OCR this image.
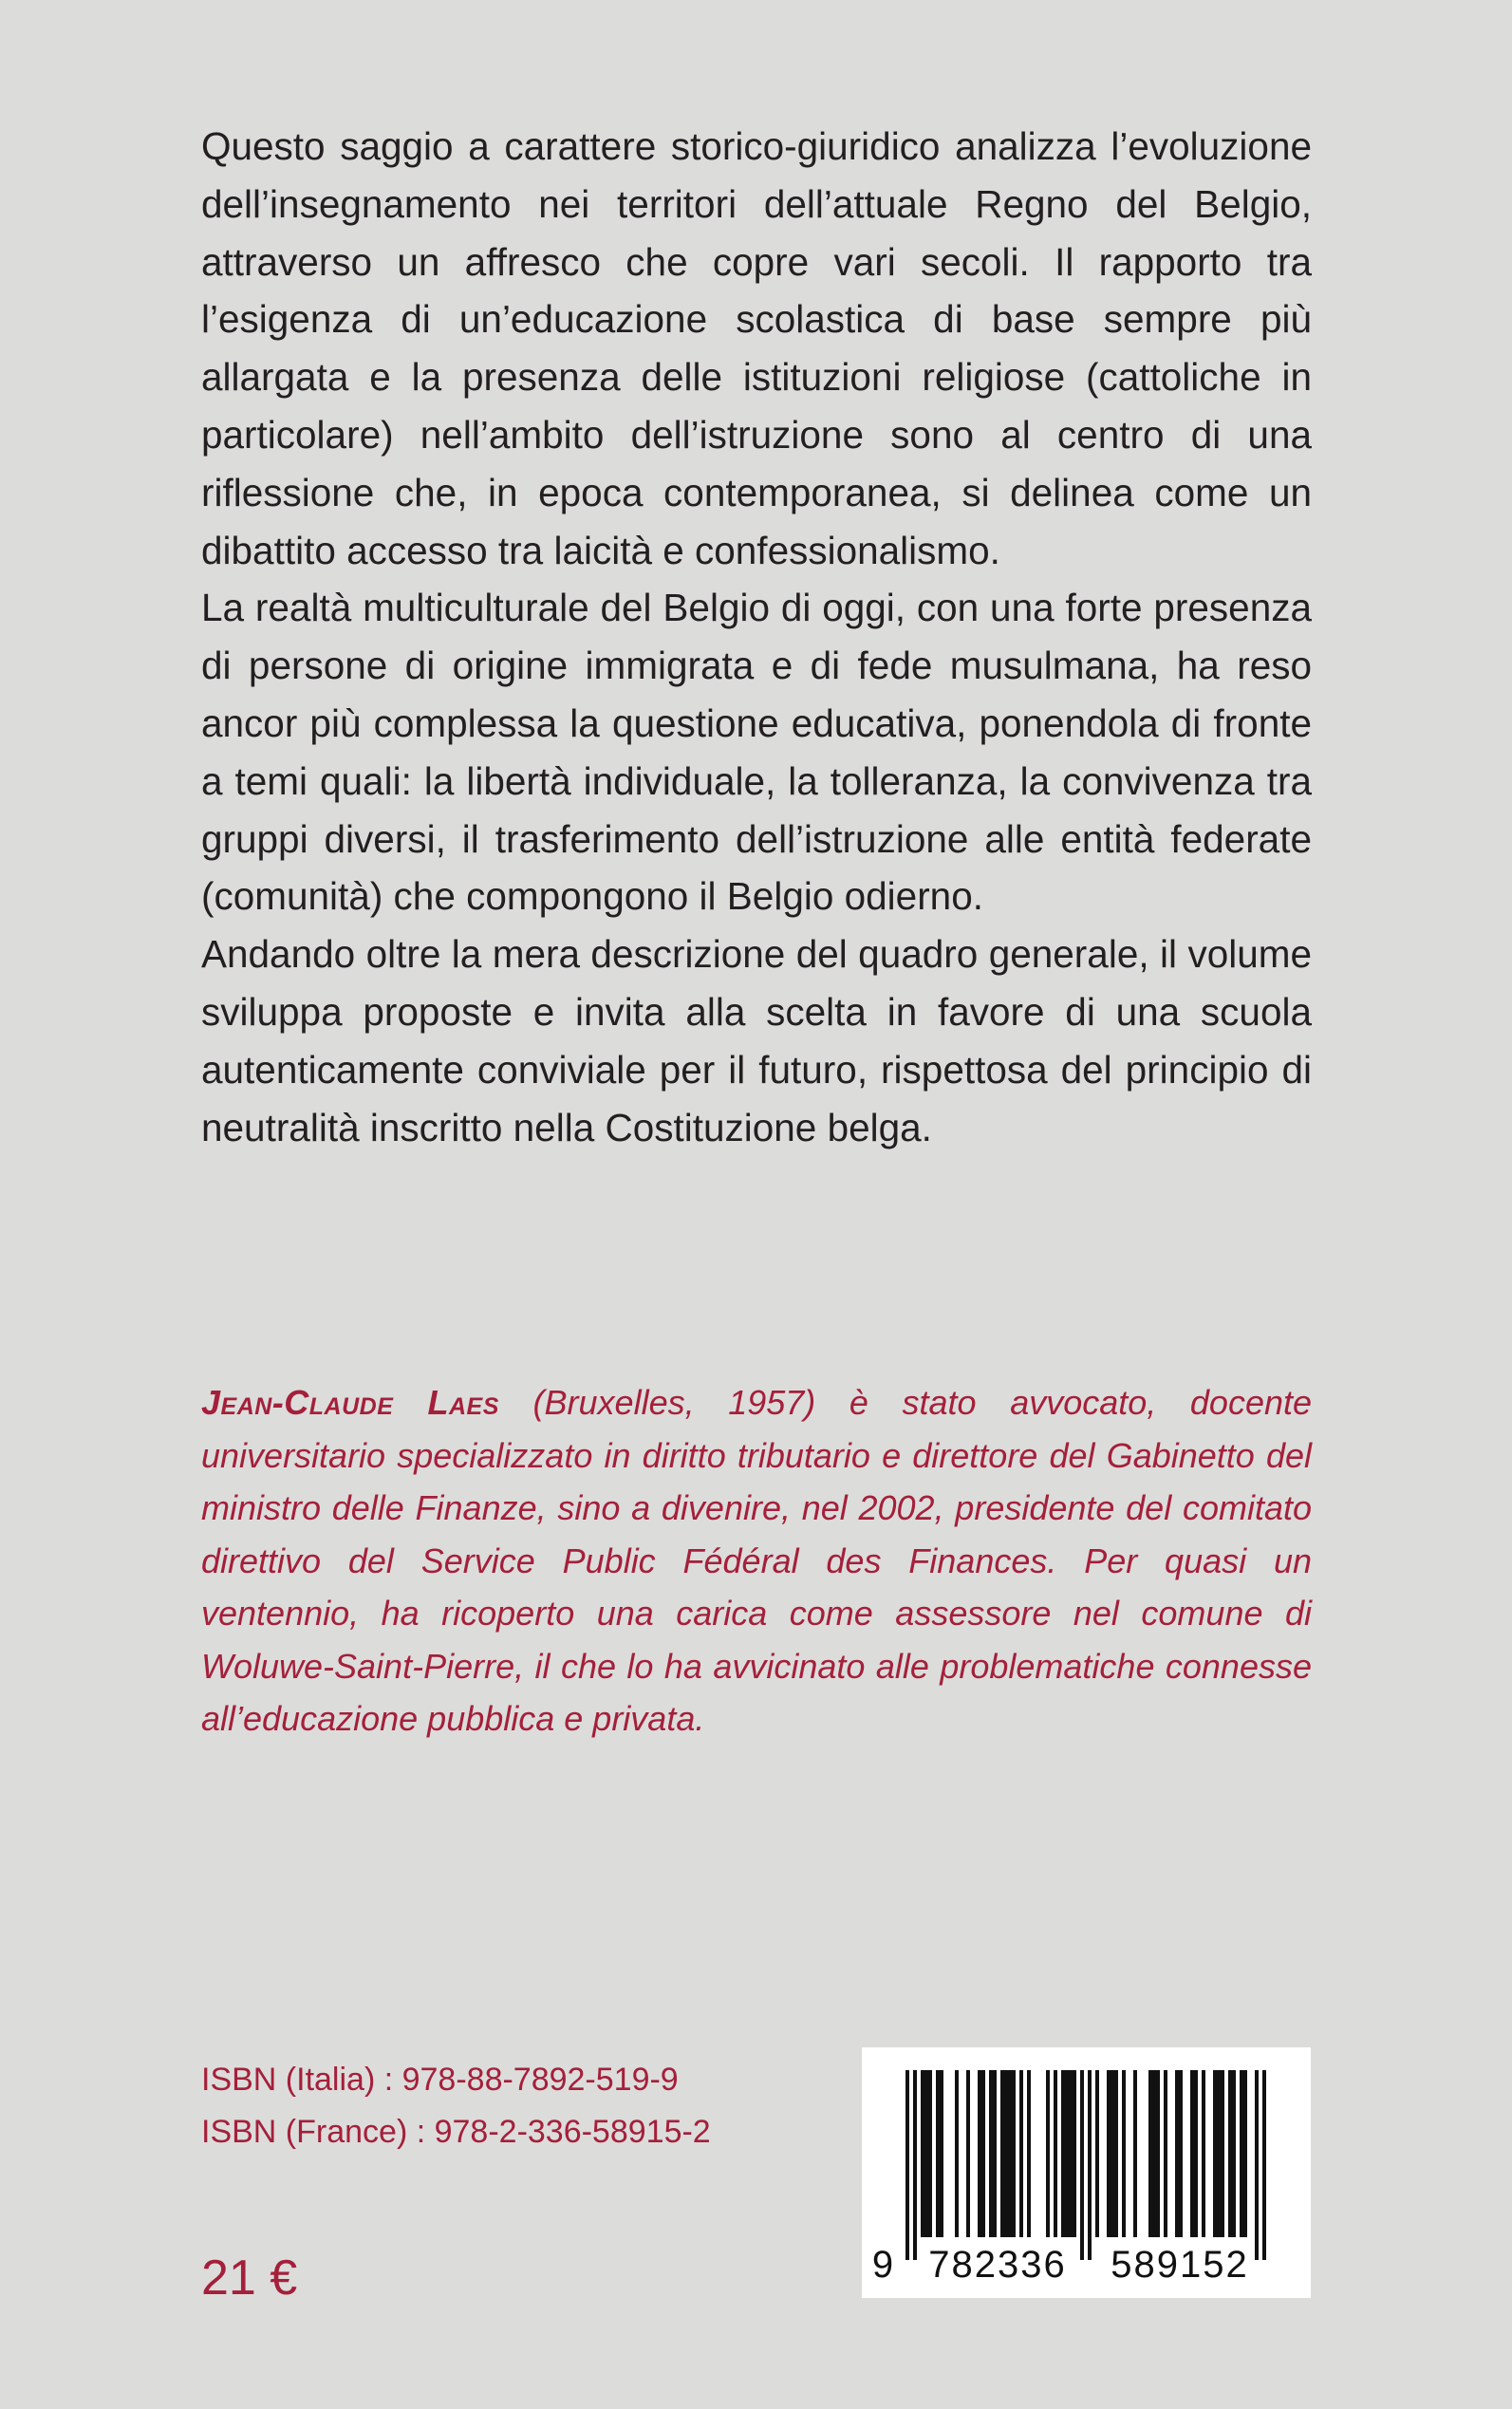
Questo saggio a carattere storico-giuridico analizza l’evoluzione dell’insegnamento nei territori dell’attuale Regno del Belgio, attraverso un affresco che copre vari secoli. Il rapporto tra l’esigenza di un’educazione scolastica di base sempre più allargata e la presenza delle istituzioni religiose (cattoliche in particolare) nell’ambito dell’istruzione sono al centro di una riflessione che, in epoca contemporanea, si delinea come un dibattito accesso tra laicità e confessionalismo.

La realtà multiculturale del Belgio di oggi, con una forte presenza di persone di origine immigrata e di fede musulmana, ha reso ancor più complessa la questione educativa, ponendola di fronte a temi quali: la libertà individuale, la tolleranza, la convivenza tra gruppi diversi, il trasferimento dell’istruzione alle entità federate (comunità) che compongono il Belgio odierno.

Andando oltre la mera descrizione del quadro generale, il volume sviluppa proposte e invita alla scelta in favore di una scuola autenticamente conviviale per il futuro, rispettosa del principio di neutralità inscritto nella Costituzione belga.

Jean-Claude Laes (Bruxelles, 1957) è stato avvocato, docente universitario specializzato in diritto tributario e direttore del Gabinetto del ministro delle Finanze, sino a divenire, nel 2002, presidente del comitato direttivo del Service Public Fédéral des Finances. Per quasi un ventennio, ha ricoperto una carica come assessore nel comune di Woluwe-Saint-Pierre, il che lo ha avvicinato alle problematiche connesse all’educazione pubblica e privata.

ISBN (Italia) : 978-88-7892-519-9
ISBN (France) : 978-2-336-58915-2
21 €	9 782336 589152
